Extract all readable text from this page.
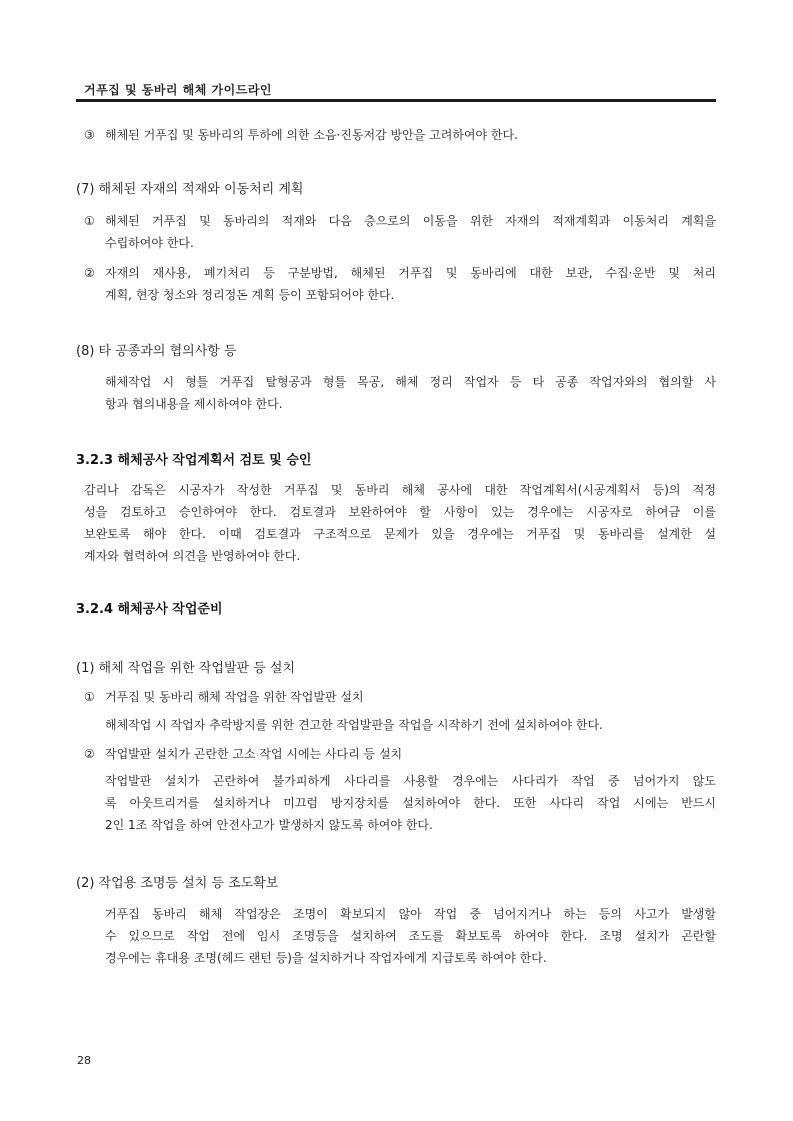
거푸집 및 동바리 해체 가이드라인
③ 해체된 거푸집 및 동바리의 투하에 의한 소음·진동저감 방안을 고려하여야 한다.
(7) 해체된 자재의 적재와 이동처리 계획
① 해체된 거푸집 및 동바리의 적재와 다음 층으로의 이동을 위한 자재의 적재계획과 이동처리 계획을
수립하여야 한다.
② 자재의 재사용, 폐기처리 등 구분방법, 해체된 거푸집 및 동바리에 대한 보관, 수집·운반 및 처리
계획, 현장 청소와 정리정돈 계획 등이 포함되어야 한다.
(8) 타 공종과의 협의사항 등
해체작업 시 형틀 거푸집 탈형공과 형틀 목공, 해체 정리 작업자 등 타 공종 작업자와의 협의할 사
항과 협의내용을 제시하여야 한다.
3.2.3 해체공사 작업계획서 검토 및 승인
감리나 감독은 시공자가 작성한 거푸집 및 동바리 해체 공사에 대한 작업계획서(시공계획서 등)의 적정
성을 검토하고 승인하여야 한다. 검토결과 보완하여야 할 사항이 있는 경우에는 시공자로 하여금 이를
보완토록 해야 한다. 이때 검토결과 구조적으로 문제가 있을 경우에는 거푸집 및 동바리를 설계한 설
계자와 협력하여 의견을 반영하여야 한다.
3.2.4 해체공사 작업준비
(1) 해체 작업을 위한 작업발판 등 설치
① 거푸집 및 동바리 해체 작업을 위한 작업발판 설치
해체작업 시 작업자 추락방지를 위한 견고한 작업발판을 작업을 시작하기 전에 설치하여야 한다.
② 작업발판 설치가 곤란한 고소 작업 시에는 사다리 등 설치
작업발판 설치가 곤란하여 불가피하게 사다리를 사용할 경우에는 사다리가 작업 중 넘어가지 않도
록 아웃트리거를 설치하거나 미끄럼 방지장치를 설치하여야 한다. 또한 사다리 작업 시에는 반드시
2인 1조 작업을 하여 안전사고가 발생하지 않도록 하여야 한다.
(2) 작업용 조명등 설치 등 조도확보
거푸집 동바리 해체 작업장은 조명이 확보되지 않아 작업 중 넘어지거나 하는 등의 사고가 발생할
수 있으므로 작업 전에 임시 조명등을 설치하여 조도를 확보토록 하여야 한다. 조명 설치가 곤란할
경우에는 휴대용 조명(헤드 랜턴 등)을 설치하거나 작업자에게 지급토록 하여야 한다.
28
